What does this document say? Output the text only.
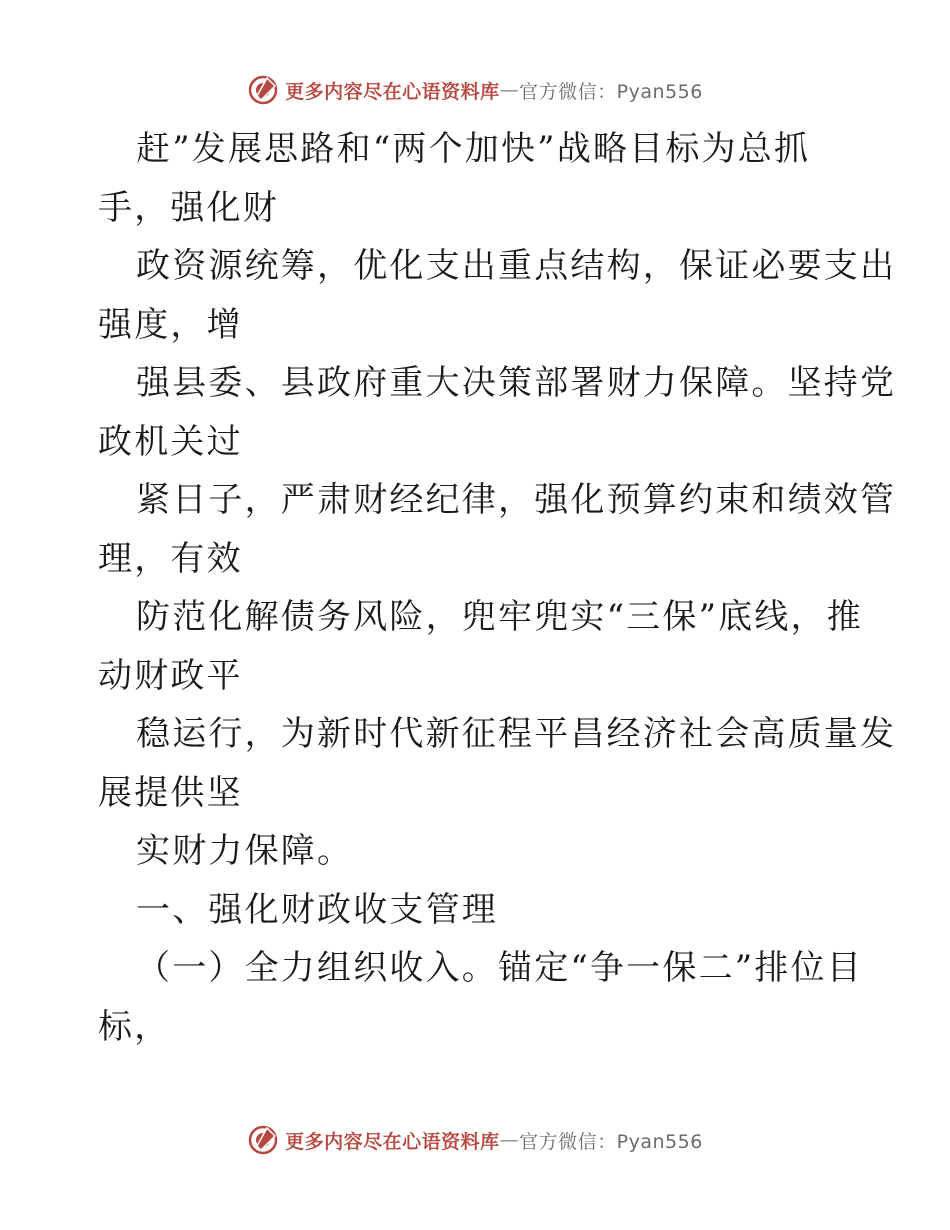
更多内容尽在心语资料库 — 官方微信：Pyan556
赶”发展思路和“两个加快”战略目标为总抓
手，强化财
政资源统筹，优化支出重点结构，保证必要支出
强度，增
强县委、县政府重大决策部署财力保障。坚持党
政机关过
紧日子，严肃财经纪律，强化预算约束和绩效管
理，有效
防范化解债务风险，兜牢兜实“三保”底线，推
动财政平
稳运行，为新时代新征程平昌经济社会高质量发
展提供坚
实财力保障。
一、强化财政收支管理
（一）全力组织收入。锚定“争一保二”排位目
标，
更多内容尽在心语资料库 — 官方微信：Pyan556
